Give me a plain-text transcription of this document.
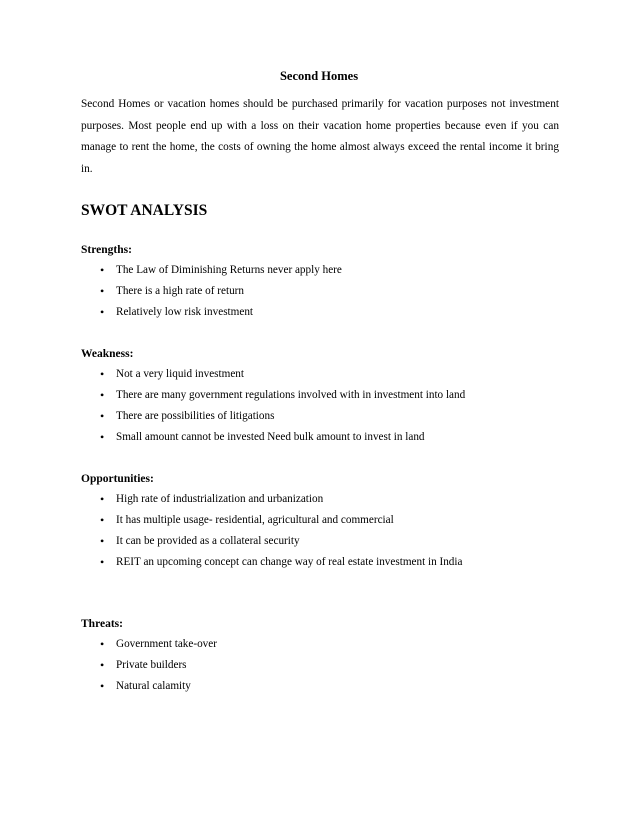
Second Homes

Second Homes or vacation homes should be purchased primarily for vacation purposes not investment purposes. Most people end up with a loss on their vacation home properties because even if you can manage to rent the home, the costs of owning the home almost always exceed the rental income it bring in.

SWOT ANALYSIS
Strengths:
• The Law of Diminishing Returns never apply here
• There is a high rate of return
• Relatively low risk investment
Weakness:
• Not a very liquid investment
• There are many government regulations involved with in investment into land
• There are possibilities of litigations
• Small amount cannot be invested Need bulk amount to invest in land
Opportunities:
• High rate of industrialization and urbanization
• It has multiple usage- residential, agricultural and commercial
• It can be provided as a collateral security
• REIT an upcoming concept can change way of real estate investment in India
Threats:
• Government take-over
• Private builders
• Natural calamity
